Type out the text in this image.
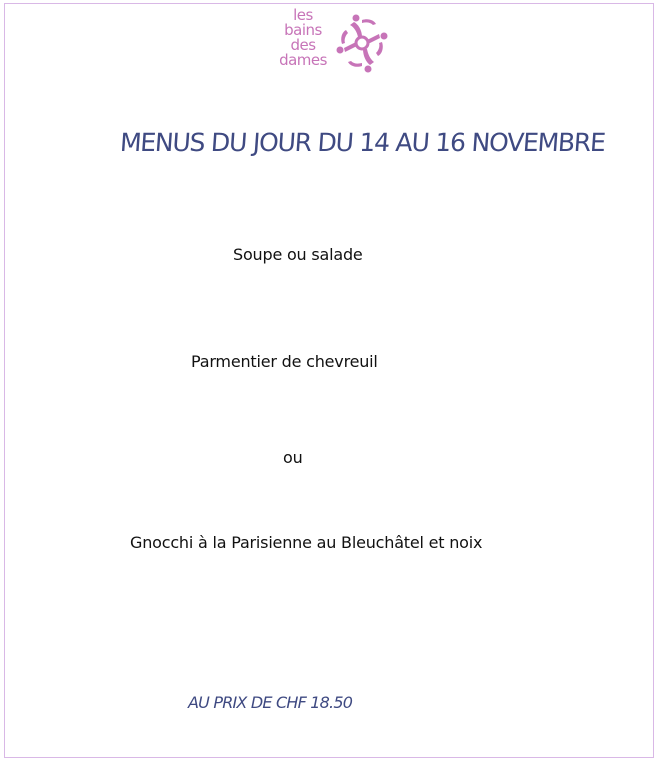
les
bains
des
dames
MENUS DU JOUR DU 14 AU 16 NOVEMBRE
Soupe ou salade
Parmentier de chevreuil
ou
Gnocchi à la Parisienne au Bleuchâtel et noix
AU PRIX DE CHF 18.50
